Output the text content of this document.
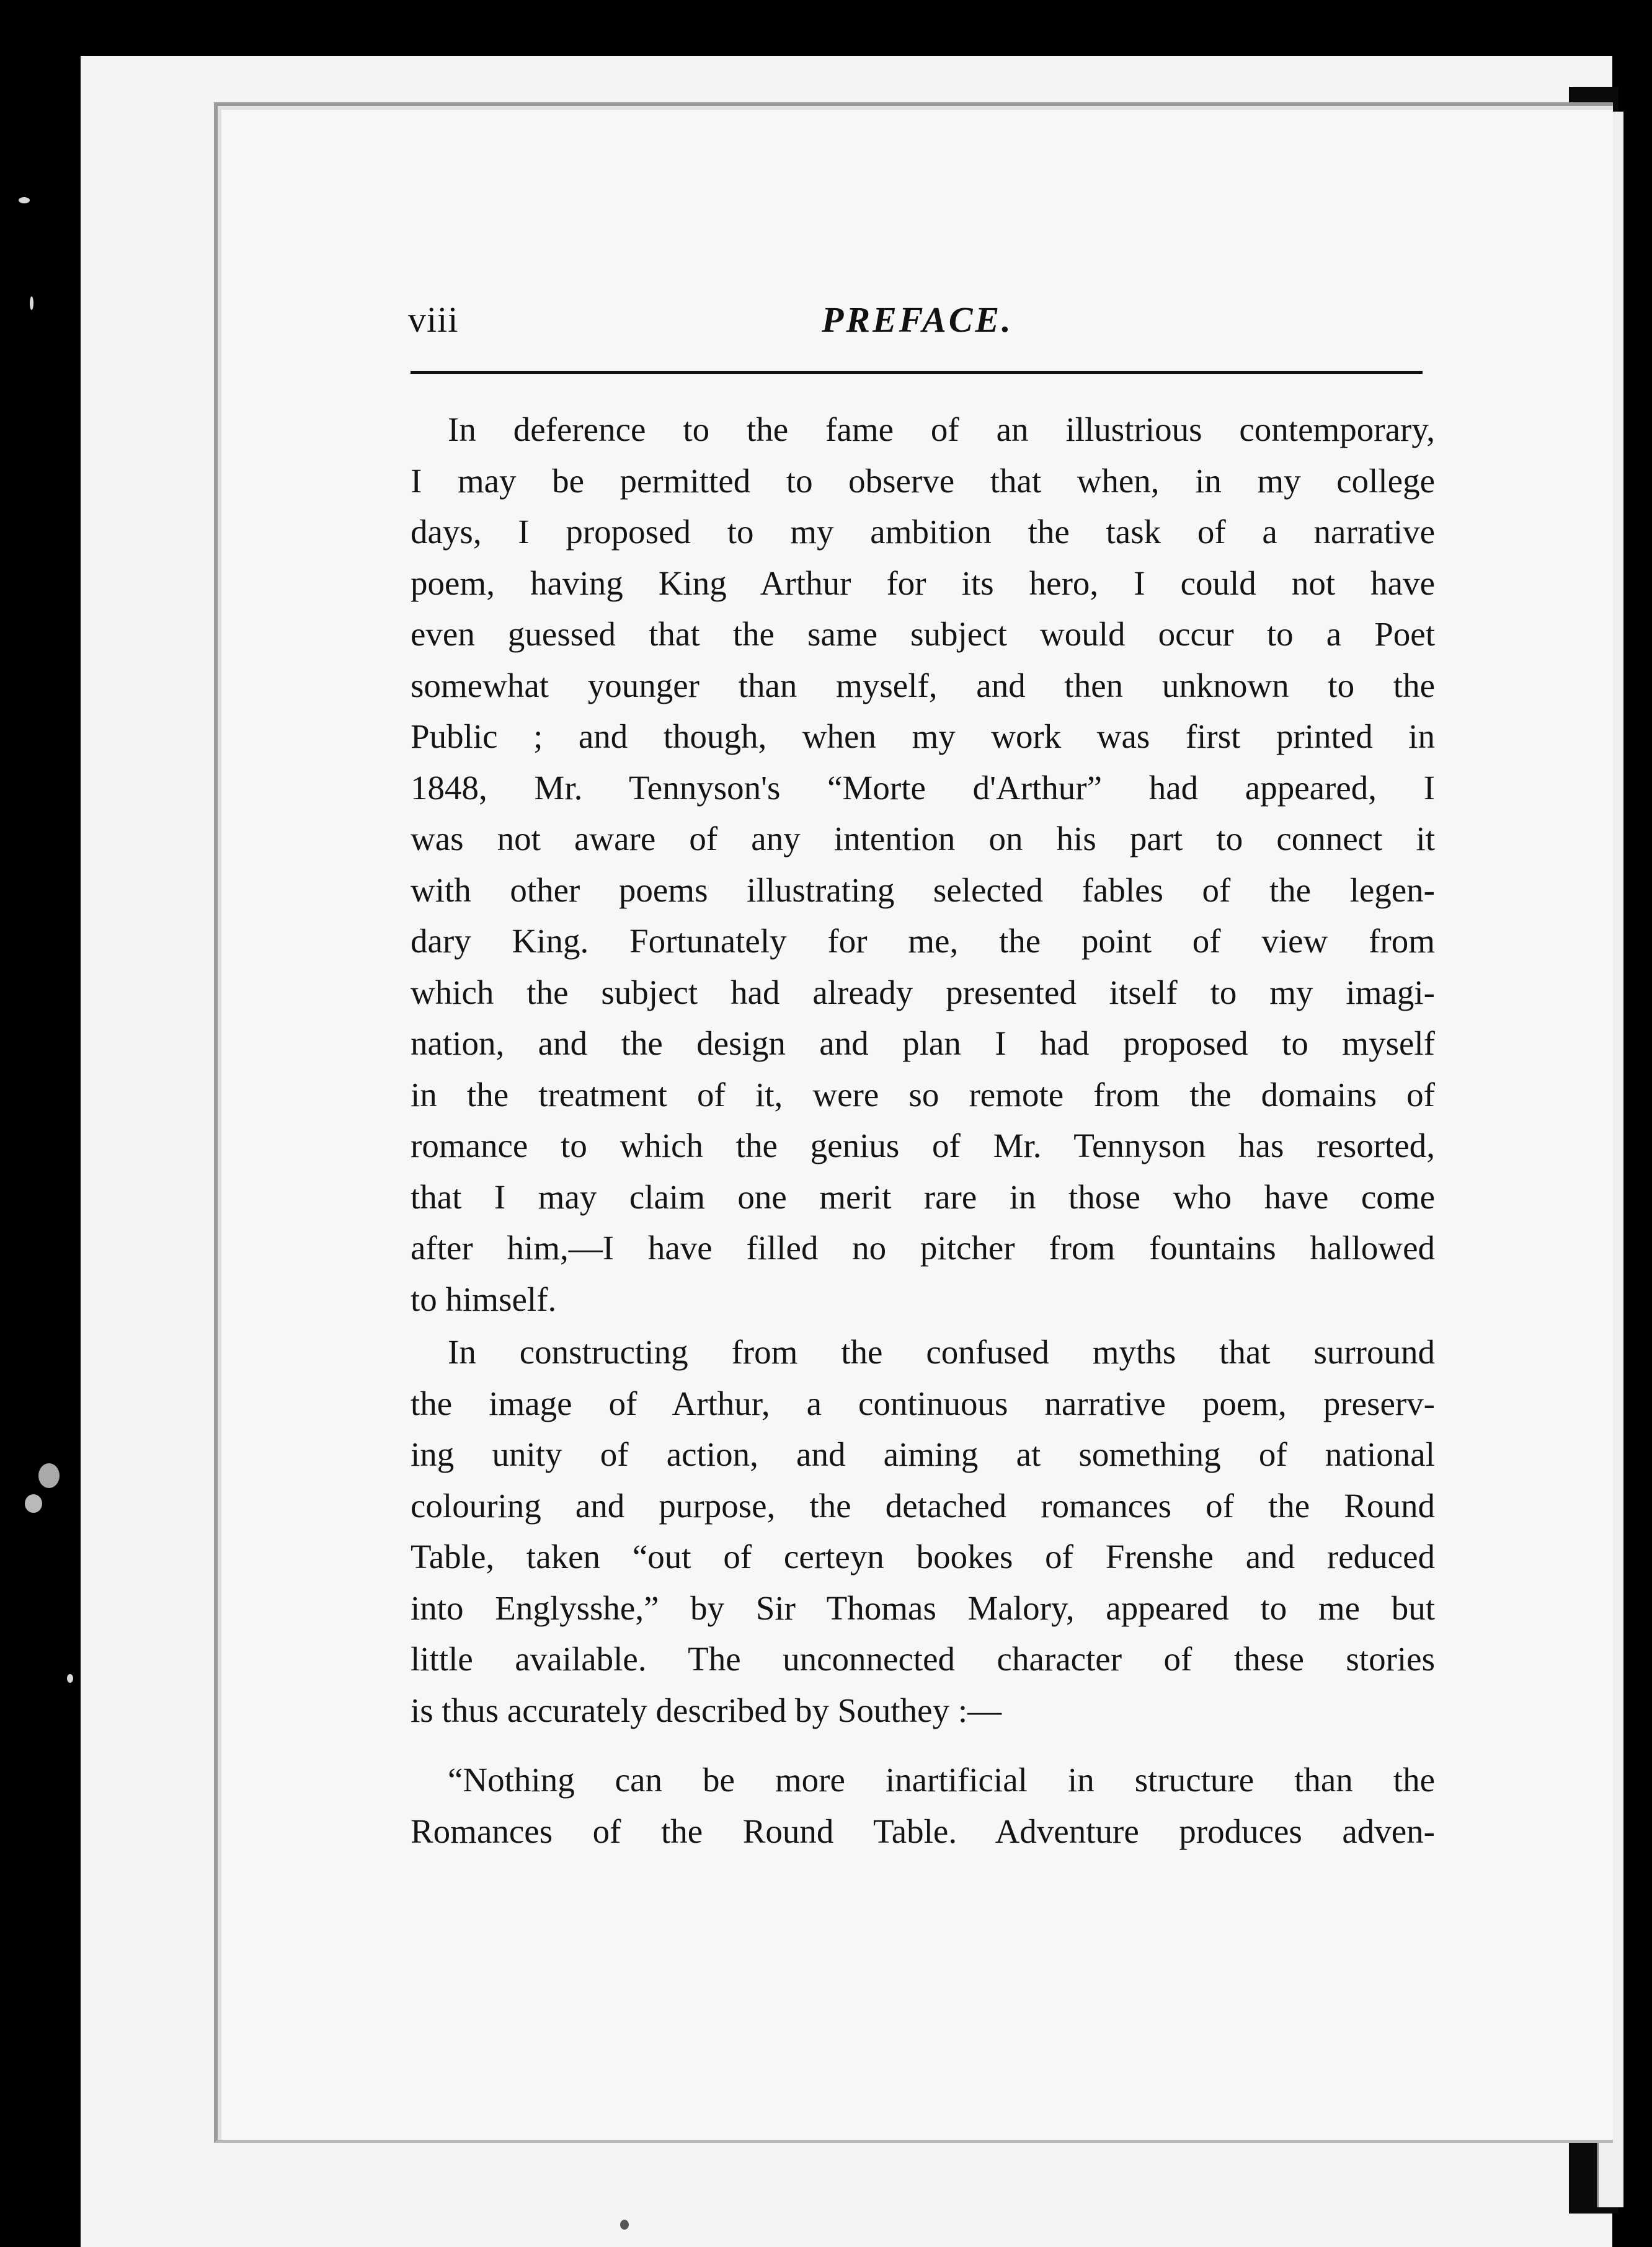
viii	PREFACE.

In deference to the fame of an illustrious contemporary,
I may be permitted to observe that when, in my college
days, I proposed to my ambition the task of a narrative
poem, having King Arthur for its hero, I could not have
even guessed that the same subject would occur to a Poet
somewhat younger than myself, and then unknown to the
Public ; and though, when my work was first printed in
1848, Mr. Tennyson's “Morte d'Arthur” had appeared, I
was not aware of any intention on his part to connect it
with other poems illustrating selected fables of the legen-
dary King. Fortunately for me, the point of view from
which the subject had already presented itself to my imagi-
nation, and the design and plan I had proposed to myself
in the treatment of it, were so remote from the domains of
romance to which the genius of Mr. Tennyson has resorted,
that I may claim one merit rare in those who have come
after him,—I have filled no pitcher from fountains hallowed
to himself.

In constructing from the confused myths that surround
the image of Arthur, a continuous narrative poem, preserv-
ing unity of action, and aiming at something of national
colouring and purpose, the detached romances of the Round
Table, taken “out of certeyn bookes of Frenshe and reduced
into Englysshe,” by Sir Thomas Malory, appeared to me but
little available. The unconnected character of these stories
is thus accurately described by Southey :—

“Nothing can be more inartificial in structure than the
Romances of the Round Table. Adventure produces adven-
